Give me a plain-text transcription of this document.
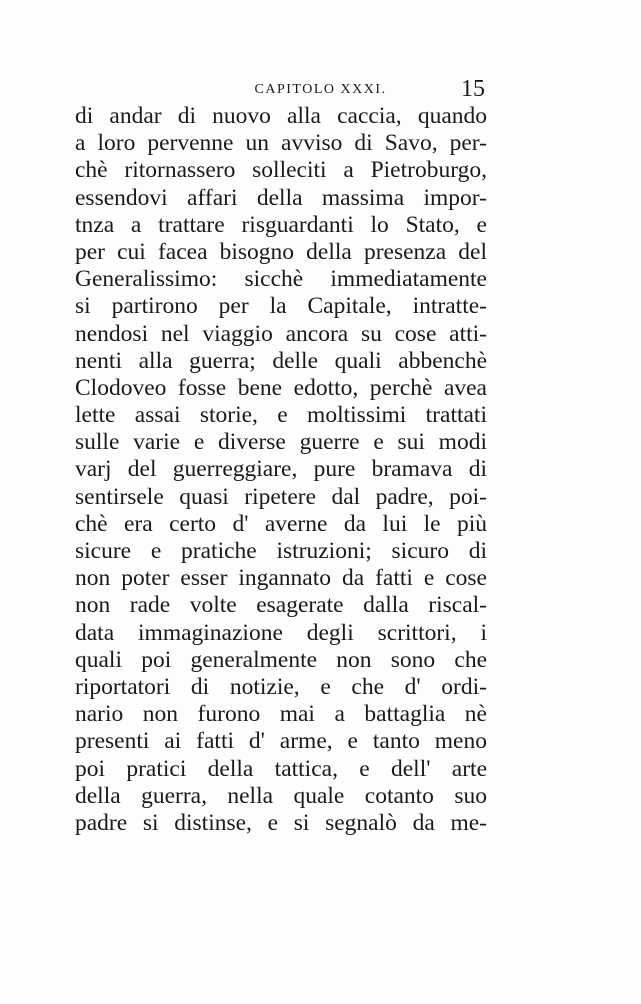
CAPITOLO XXXI.	15
di andar di nuovo alla caccia, quando
a loro pervenne un avviso di Savo, per-
chè ritornassero solleciti a Pietroburgo,
essendovi affari della massima impor-
tnza a trattare risguardanti lo Stato, e
per cui facea bisogno della presenza del
Generalissimo: sicchè immediatamente
si partirono per la Capitale, intratte-
nendosi nel viaggio ancora su cose atti-
nenti alla guerra; delle quali abbenchè
Clodoveo fosse bene edotto, perchè avea
lette assai storie, e moltissimi trattati
sulle varie e diverse guerre e sui modi
varj del guerreggiare, pure bramava di
sentirsele quasi ripetere dal padre, poi-
chè era certo d' averne da lui le più
sicure e pratiche istruzioni; sicuro di
non poter esser ingannato da fatti e cose
non rade volte esagerate dalla riscal-
data immaginazione degli scrittori, i
quali poi generalmente non sono che
riportatori di notizie, e che d' ordi-
nario non furono mai a battaglia nè
presenti ai fatti d' arme, e tanto meno
poi pratici della tattica, e dell' arte
della guerra, nella quale cotanto suo
padre si distinse, e si segnalò da me-
